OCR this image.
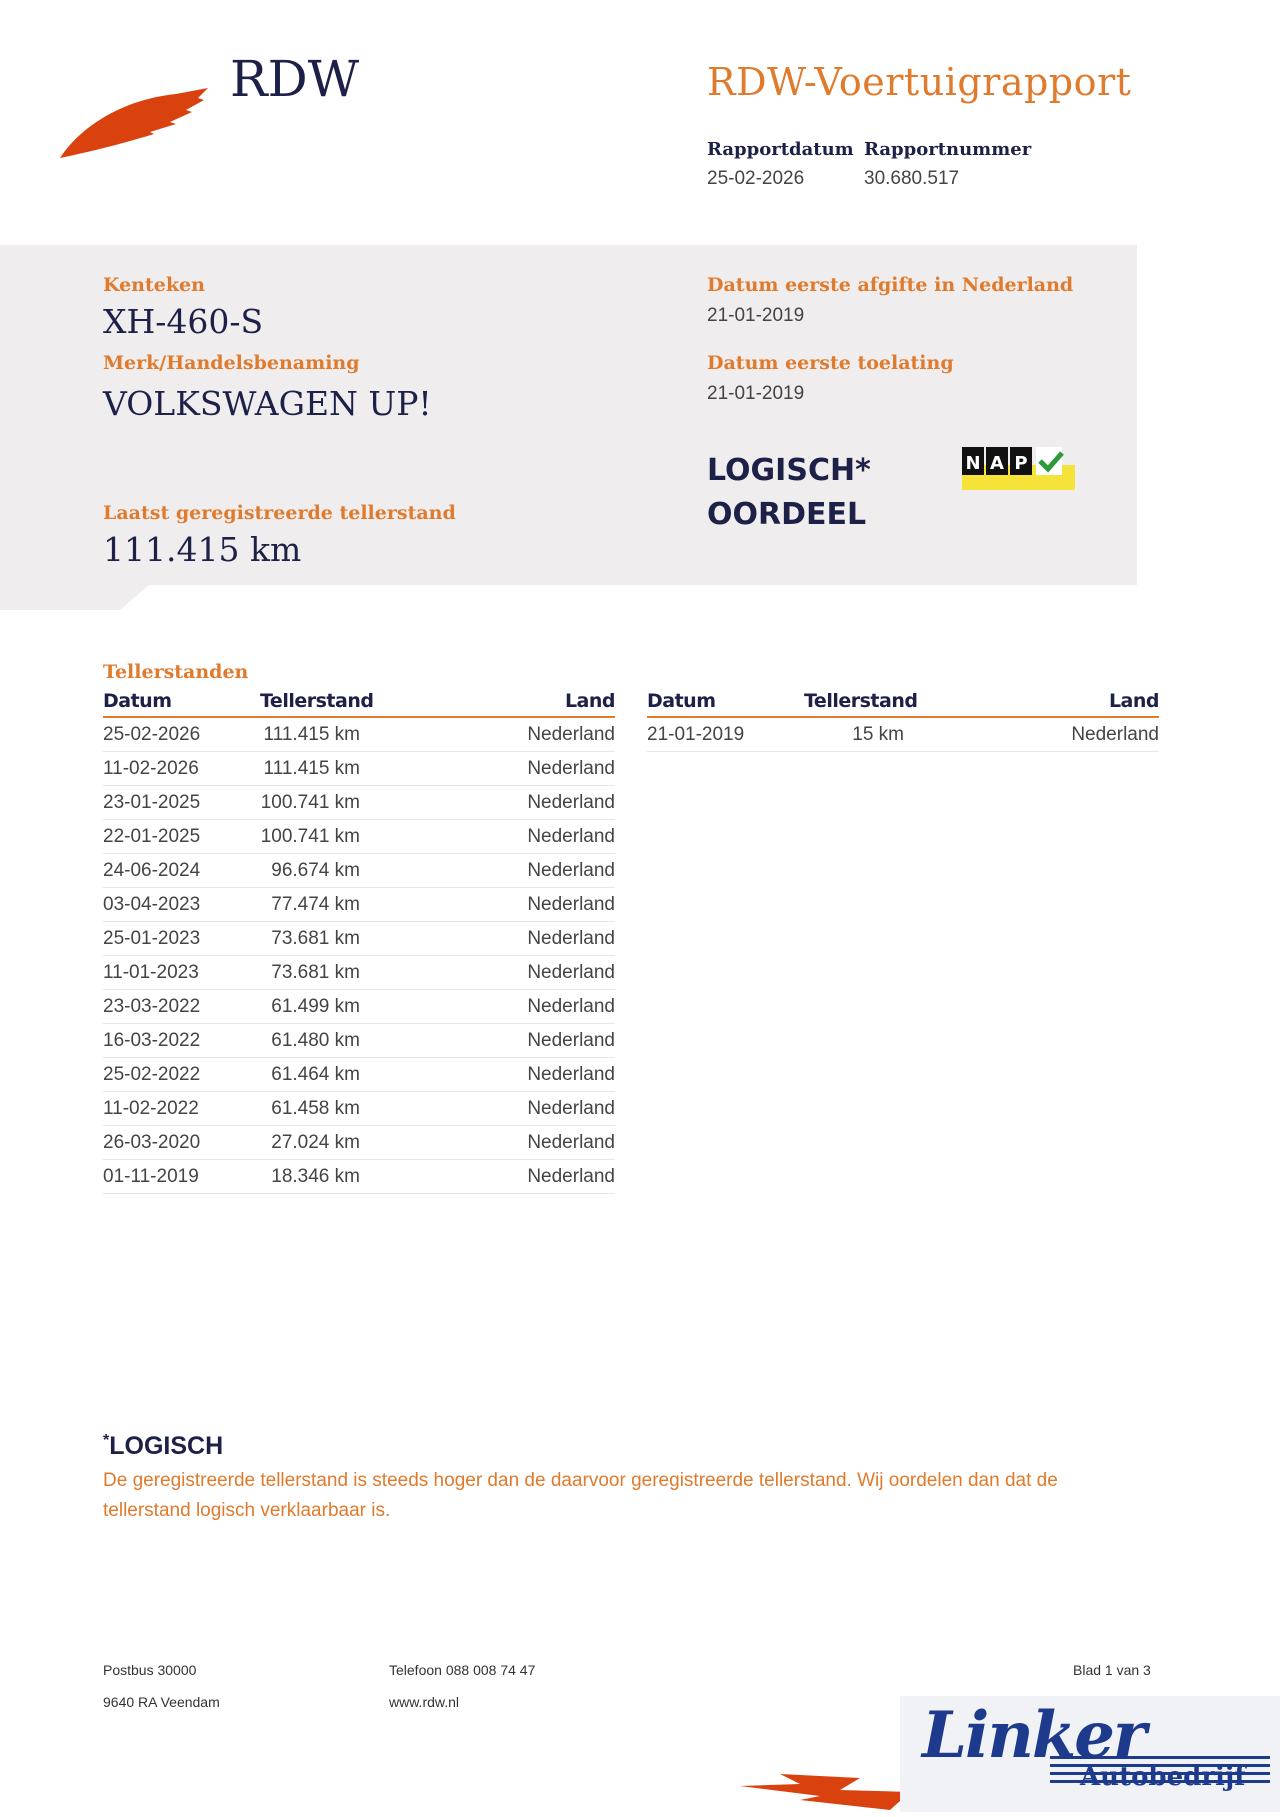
RDW	RDW-Voertuigrapport
Rapportdatum
25-02-2026
Rapportnummer
30.680.517
Kenteken
XH-460-S
Merk/Handelsbenaming
VOLKSWAGEN UP!
Datum eerste afgifte in Nederland
21-01-2019
Datum eerste toelating
21-01-2019
Laatst geregistreerde tellerstand
111.415 km
LOGISCH*
OORDEEL
N A P
Tellerstanden
Datum	Tellerstand	Land
25-02-2026	111.415 km	Nederland
11-02-2026	111.415 km	Nederland
23-01-2025	100.741 km	Nederland
22-01-2025	100.741 km	Nederland
24-06-2024	96.674 km	Nederland
03-04-2023	77.474 km	Nederland
25-01-2023	73.681 km	Nederland
11-01-2023	73.681 km	Nederland
23-03-2022	61.499 km	Nederland
16-03-2022	61.480 km	Nederland
25-02-2022	61.464 km	Nederland
11-02-2022	61.458 km	Nederland
26-03-2020	27.024 km	Nederland
01-11-2019	18.346 km	Nederland
Datum	Tellerstand	Land
21-01-2019	15 km	Nederland
*LOGISCH
De geregistreerde tellerstand is steeds hoger dan de daarvoor geregistreerde tellerstand. Wij oordelen dan dat de tellerstand logisch verklaarbaar is.
Postbus 30000
9640 RA Veendam
Telefoon 088 008 74 47
www.rdw.nl
Blad 1 van 3
Linker
Autobedrijf
